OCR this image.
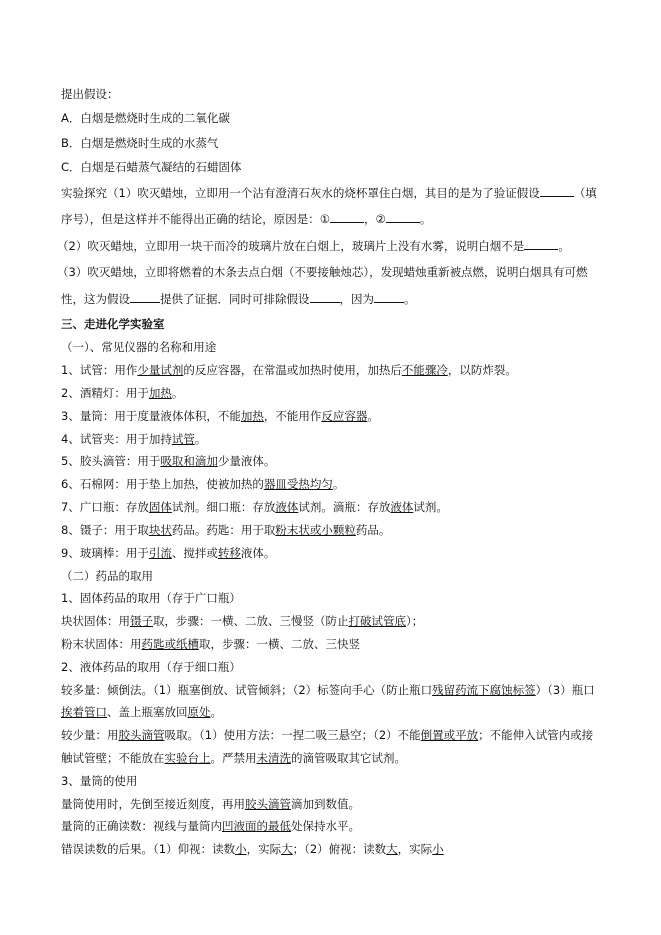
提出假设：
A．白烟是燃烧时生成的二氧化碳
B．白烟是燃烧时生成的水蒸气
C．白烟是石蜡蒸气凝结的石蜡固体
实验探究（1）吹灭蜡烛，立即用一个沾有澄清石灰水的烧杯罩住白烟，其目的是为了验证假设	（填
序号），但是这样并不能得出正确的结论，原因是：①	，②	。
（2）吹灭蜡烛，立即用一块干而冷的玻璃片放在白烟上，玻璃片上没有水雾，说明白烟不是	。
（3）吹灭蜡烛，立即将燃着的木条去点白烟（不要接触烛芯），发现蜡烛重新被点燃，说明白烟具有可燃
性，这为假设	提供了证据．同时可排除假设	，因为	。
三、走进化学实验室
（一）、常见仪器的名称和用途
1、试管：用作少量试剂的反应容器，在常温或加热时使用，加热后不能骤冷，以防炸裂。
2、酒精灯：用于加热。
3、量筒：用于度量液体体积，不能加热，不能用作反应容器。
4、试管夹：用于加持试管。
5、胶头滴管：用于吸取和滴加少量液体。
6、石棉网：用于垫上加热，使被加热的器皿受热均匀。
7、广口瓶：存放固体试剂。细口瓶：存放液体试剂。滴瓶：存放液体试剂。
8、镊子：用于取块状药品。药匙：用于取粉末状或小颗粒药品。
9、玻璃棒：用于引流、搅拌或转移液体。
（二）药品的取用
1、固体药品的取用（存于广口瓶）
块状固体：用镊子取，步骤：一横、二放、三慢竖（防止打破试管底）；
粉末状固体：用药匙或纸槽取，步骤：一横、二放、三快竖
2、液体药品的取用（存于细口瓶）
较多量：倾倒法。（1）瓶塞倒放、试管倾斜；（2）标签向手心（防止瓶口残留药流下腐蚀标签）（3）瓶口
挨着管口、盖上瓶塞放回原处。
较少量：用胶头滴管吸取。（1）使用方法：一捏二吸三悬空；（2）不能倒置或平放；不能伸入试管内或接
触试管壁；不能放在实验台上。严禁用未清洗的滴管吸取其它试剂。
3、量筒的使用
量筒使用时，先倒至接近刻度，再用胶头滴管滴加到数值。
量筒的正确读数：视线与量筒内凹液面的最低处保持水平。
错误读数的后果。（1）仰视：读数小，实际大；（2）俯视：读数大，实际小
